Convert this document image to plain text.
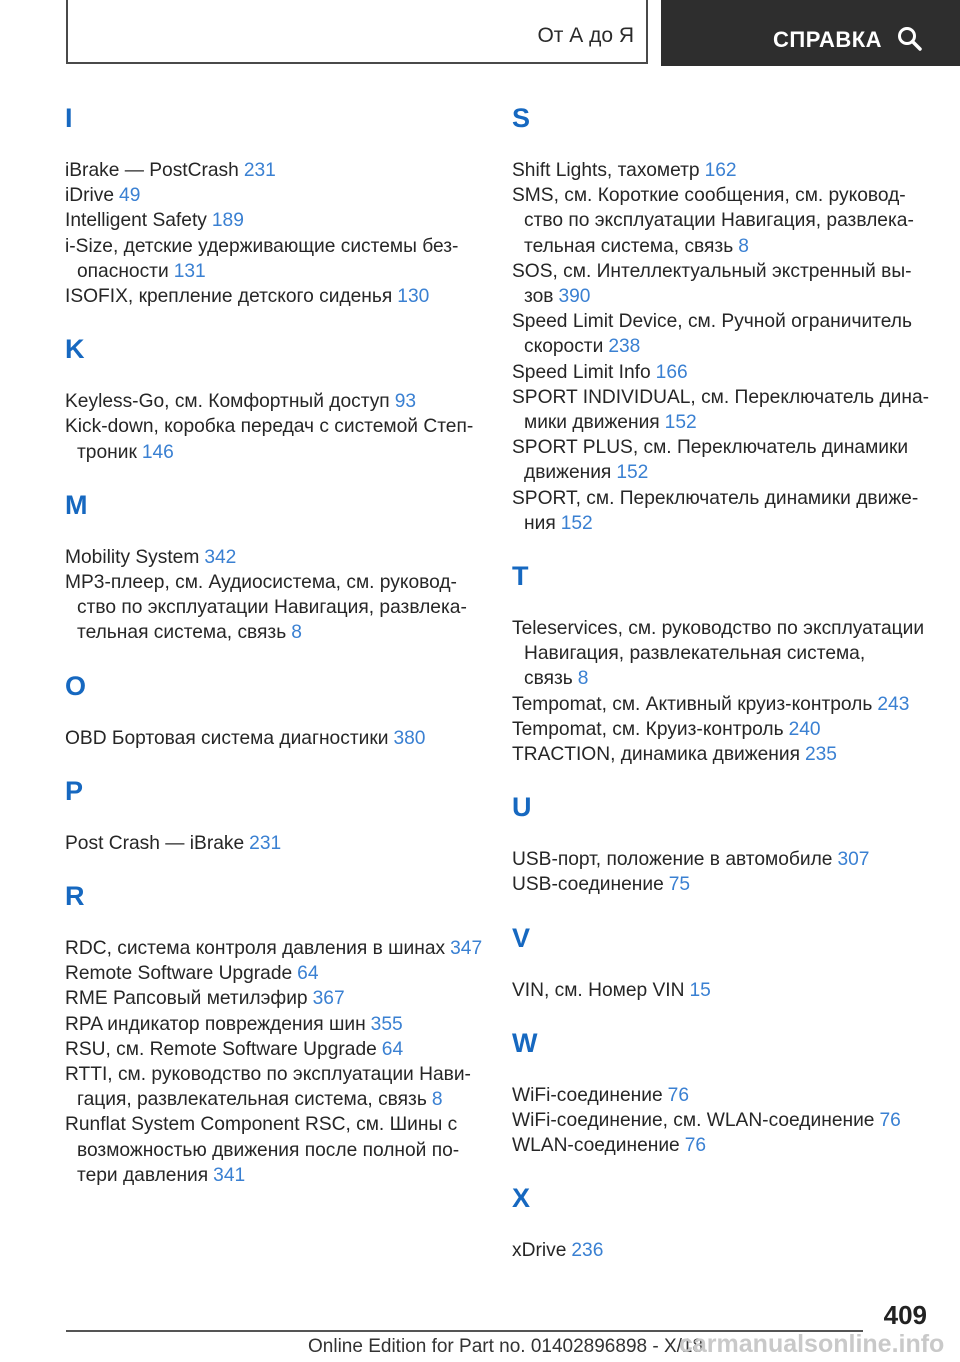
От А до Я	СПРАВКА
I
iBrake — PostCrash 231
iDrive 49
Intelligent Safety 189
i-Size, детские удерживающие системы без-опасности 131
ISOFIX, крепление детского сиденья 130
K
Keyless-Go, см. Комфортный доступ 93
Kick-down, коробка передач с системой Степ-троник 146
M
Mobility System 342
MP3-плеер, см. Аудиосистема, см. руковод-ство по эксплуатации Навигация, развлека-тельная система, связь 8
O
OBD Бортовая система диагностики 380
P
Post Crash — iBrake 231
R
RDC, система контроля давления в шинах 347
Remote Software Upgrade 64
RME Рапсовый метилэфир 367
RPA индикатор повреждения шин 355
RSU, см. Remote Software Upgrade 64
RTTI, см. руководство по эксплуатации Нави-гация, развлекательная система, связь 8
Runflat System Component RSC, см. Шины с возможностью движения после полной по-тери давления 341
S
Shift Lights, тахометр 162
SMS, см. Короткие сообщения, см. руковод-ство по эксплуатации Навигация, развлека-тельная система, связь 8
SOS, см. Интеллектуальный экстренный вы-зов 390
Speed Limit Device, см. Ручной ограничитель скорости 238
Speed Limit Info 166
SPORT INDIVIDUAL, см. Переключатель дина-мики движения 152
SPORT PLUS, см. Переключатель динамики движения 152
SPORT, см. Переключатель динамики движе-ния 152
T
Teleservices, см. руководство по эксплуатации Навигация, развлекательная система, связь 8
Tempomat, см. Активный круиз-контроль 243
Tempomat, см. Круиз-контроль 240
TRACTION, динамика движения 235
U
USB-порт, положение в автомобиле 307
USB-соединение 75
V
VIN, см. Номер VIN 15
W
WiFi-соединение 76
WiFi-соединение, см. WLAN-соединение 76
WLAN-соединение 76
X
xDrive 236
409
Online Edition for Part no. 01402896898 - X/18
carmanualsonline.info
